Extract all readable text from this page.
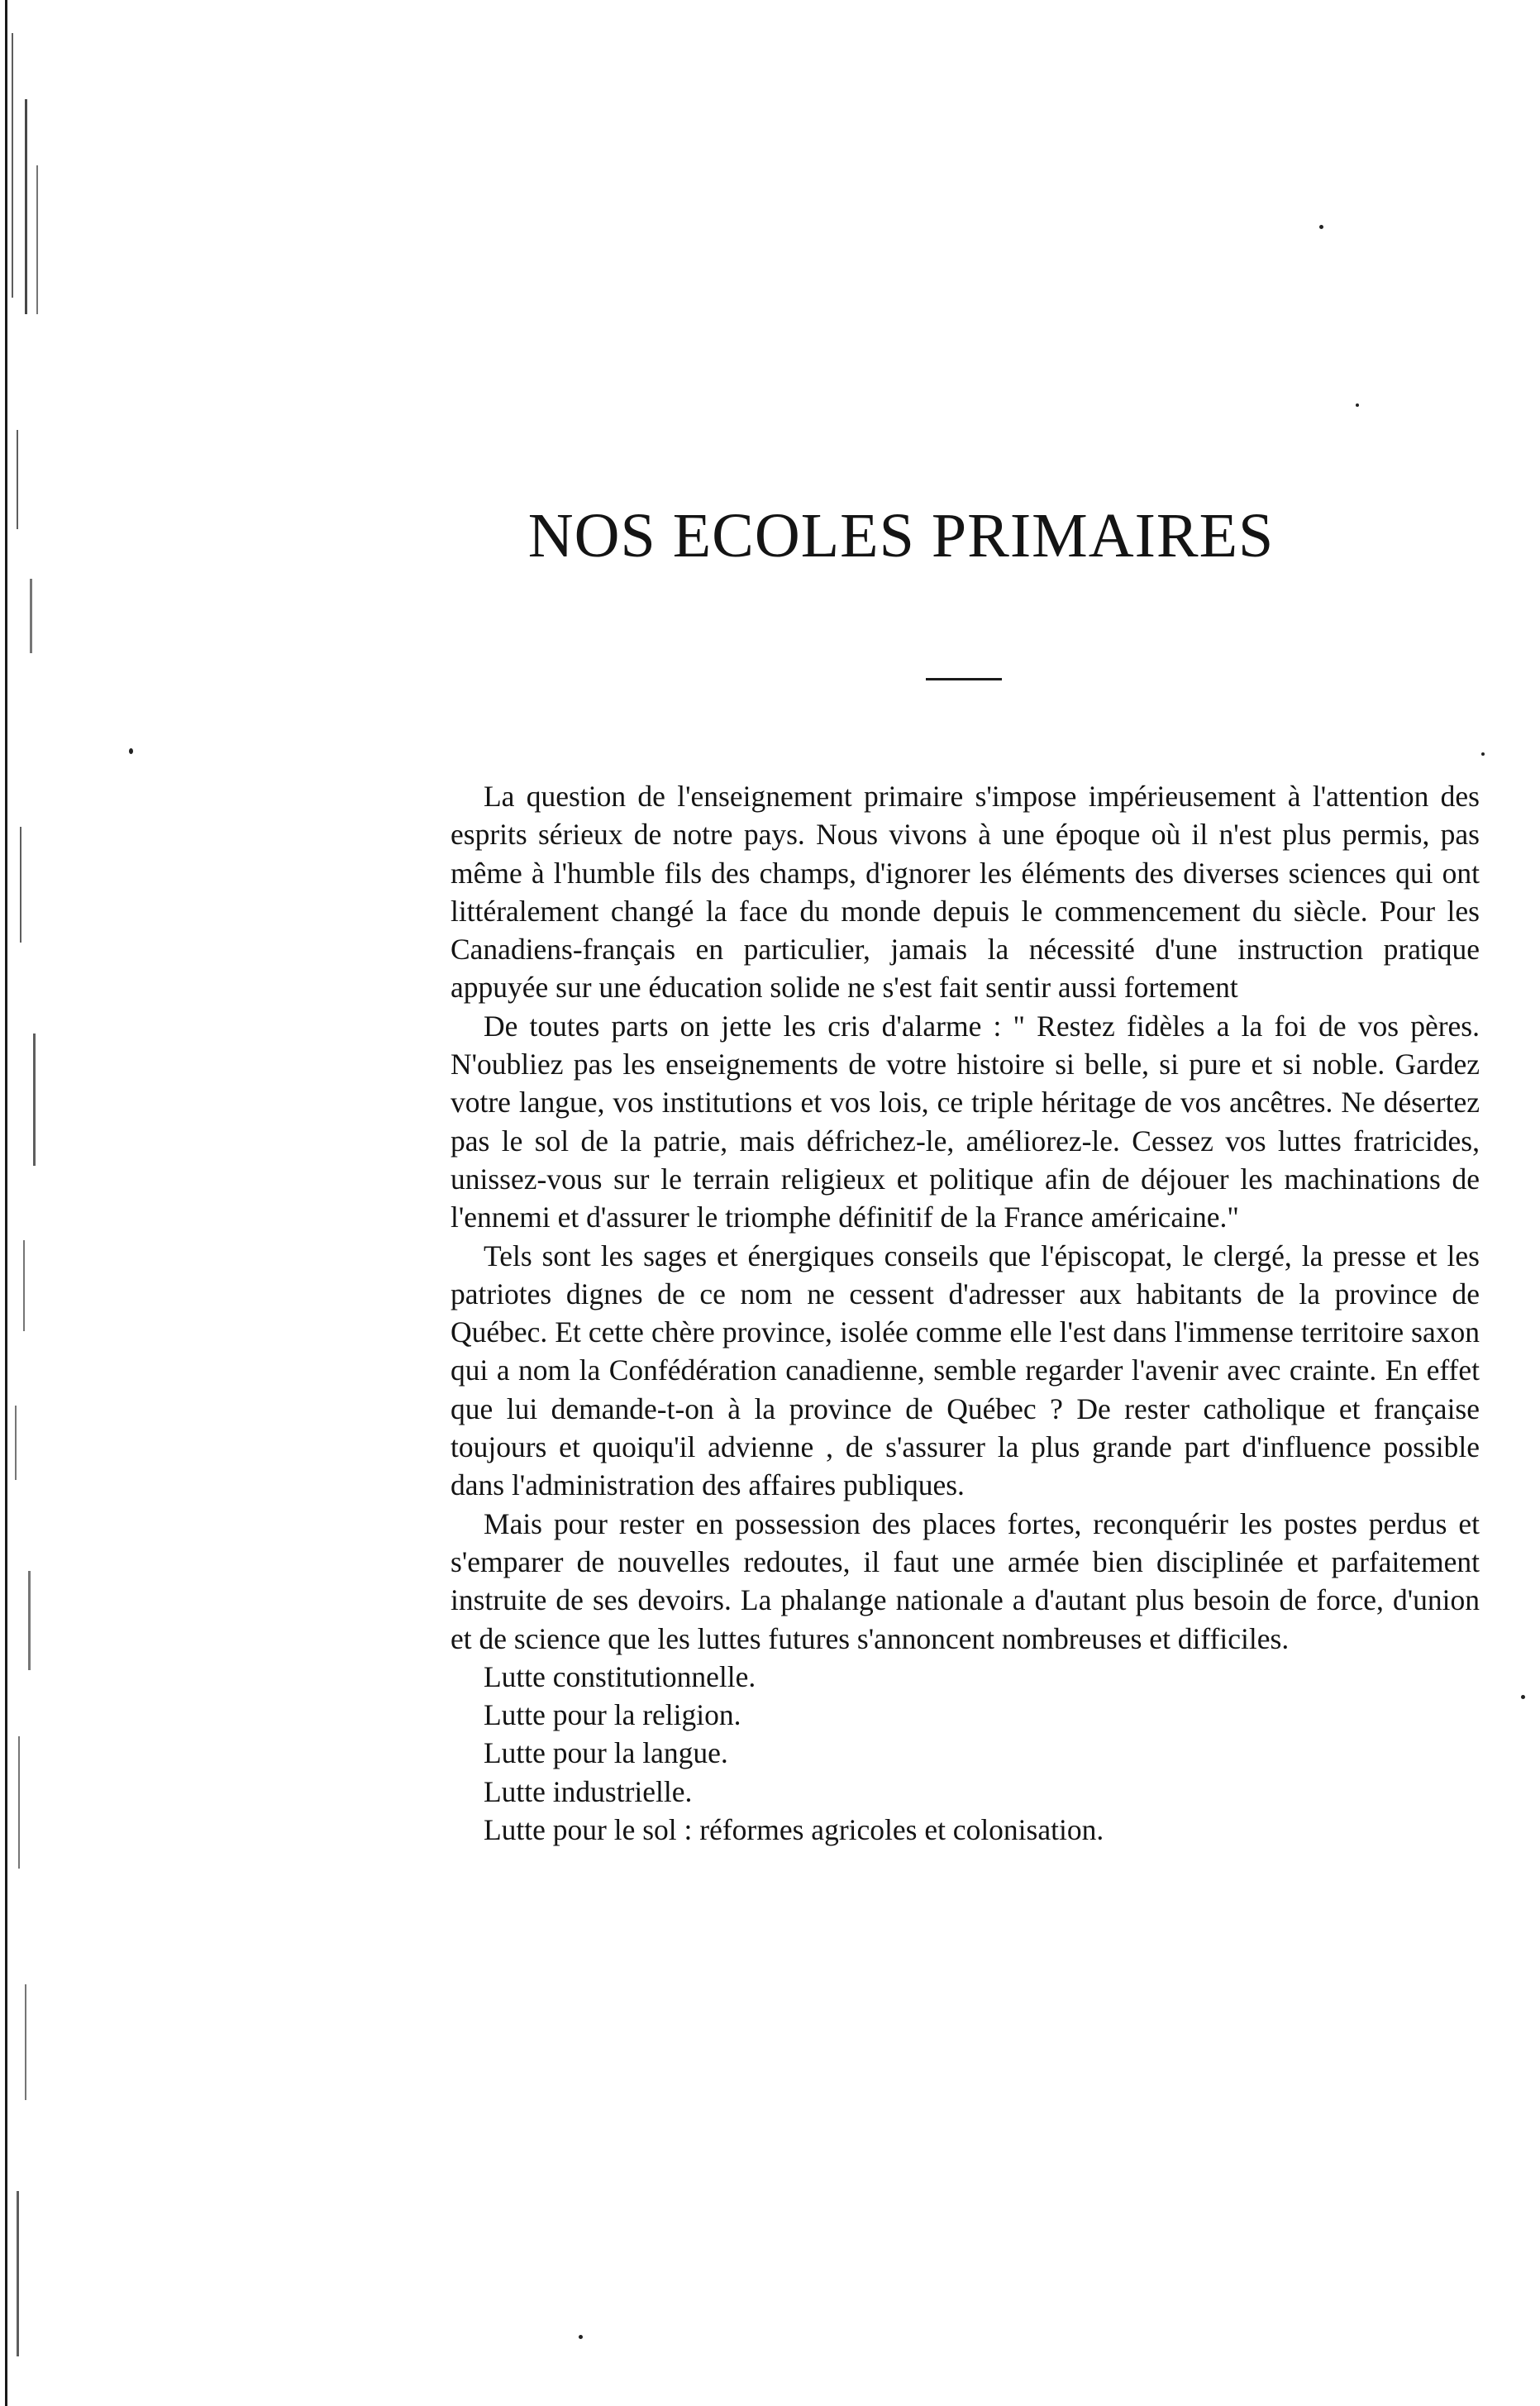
NOS ECOLES PRIMAIRES

La question de l'enseignement primaire s'impose impérieusement à l'attention des esprits sérieux de notre pays. Nous vivons à une époque où il n'est plus permis, pas même à l'humble fils des champs, d'ignorer les éléments des diverses sciences qui ont littéralement changé la face du monde depuis le commencement du siècle. Pour les Canadiens-français en particulier, jamais la nécessité d'une instruction pratique appuyée sur une éducation solide ne s'est fait sentir aussi fortement

De toutes parts on jette les cris d'alarme : " Restez fidèles a la foi de vos pères. N'oubliez pas les enseignements de votre histoire si belle, si pure et si noble. Gardez votre langue, vos institutions et vos lois, ce triple héritage de vos ancêtres. Ne désertez pas le sol de la patrie, mais défrichez-le, améliorez-le. Cessez vos luttes fratricides, unissez-vous sur le terrain religieux et politique afin de déjouer les machinations de l'ennemi et d'assurer le triomphe définitif de la France américaine."

Tels sont les sages et énergiques conseils que l'épiscopat, le clergé, la presse et les patriotes dignes de ce nom ne cessent d'adresser aux habitants de la province de Québec. Et cette chère province, isolée comme elle l'est dans l'immense territoire saxon qui a nom la Confédération canadienne, semble regarder l'avenir avec crainte. En effet que lui demande-t-on à la province de Québec ? De rester catholique et française toujours et quoiqu'il advienne , de s'assurer la plus grande part d'influence possible dans l'administration des affaires publiques.

Mais pour rester en possession des places fortes, reconquérir les postes perdus et s'emparer de nouvelles redoutes, il faut une armée bien disciplinée et parfaitement instruite de ses devoirs. La phalange nationale a d'autant plus besoin de force, d'union et de science que les luttes futures s'annoncent nombreuses et difficiles.

Lutte constitutionnelle.
Lutte pour la religion.
Lutte pour la langue.
Lutte industrielle.
Lutte pour le sol : réformes agricoles et colonisation.
